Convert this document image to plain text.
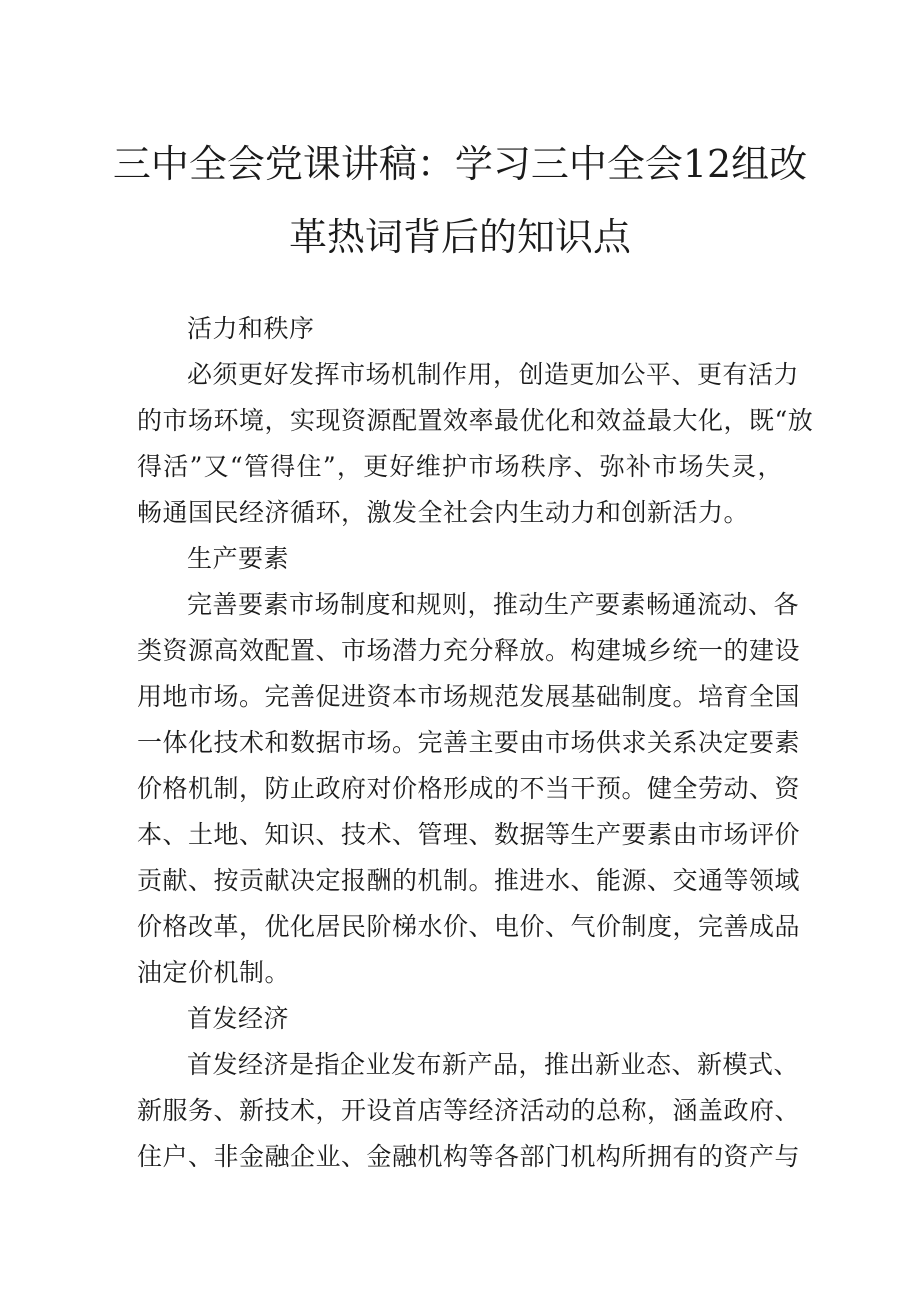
三中全会党课讲稿：学习三中全会12组改
革热词背后的知识点
活力和秩序
必须更好发挥市场机制作用，创造更加公平、更有活力
的市场环境，实现资源配置效率最优化和效益最大化，既“放
得活”又“管得住”，更好维护市场秩序、弥补市场失灵，
畅通国民经济循环，激发全社会内生动力和创新活力。
生产要素
完善要素市场制度和规则，推动生产要素畅通流动、各
类资源高效配置、市场潜力充分释放。构建城乡统一的建设
用地市场。完善促进资本市场规范发展基础制度。培育全国
一体化技术和数据市场。完善主要由市场供求关系决定要素
价格机制，防止政府对价格形成的不当干预。健全劳动、资
本、土地、知识、技术、管理、数据等生产要素由市场评价
贡献、按贡献决定报酬的机制。推进水、能源、交通等领域
价格改革，优化居民阶梯水价、电价、气价制度，完善成品
油定价机制。
首发经济
首发经济是指企业发布新产品，推出新业态、新模式、
新服务、新技术，开设首店等经济活动的总称，涵盖政府、
住户、非金融企业、金融机构等各部门机构所拥有的资产与
